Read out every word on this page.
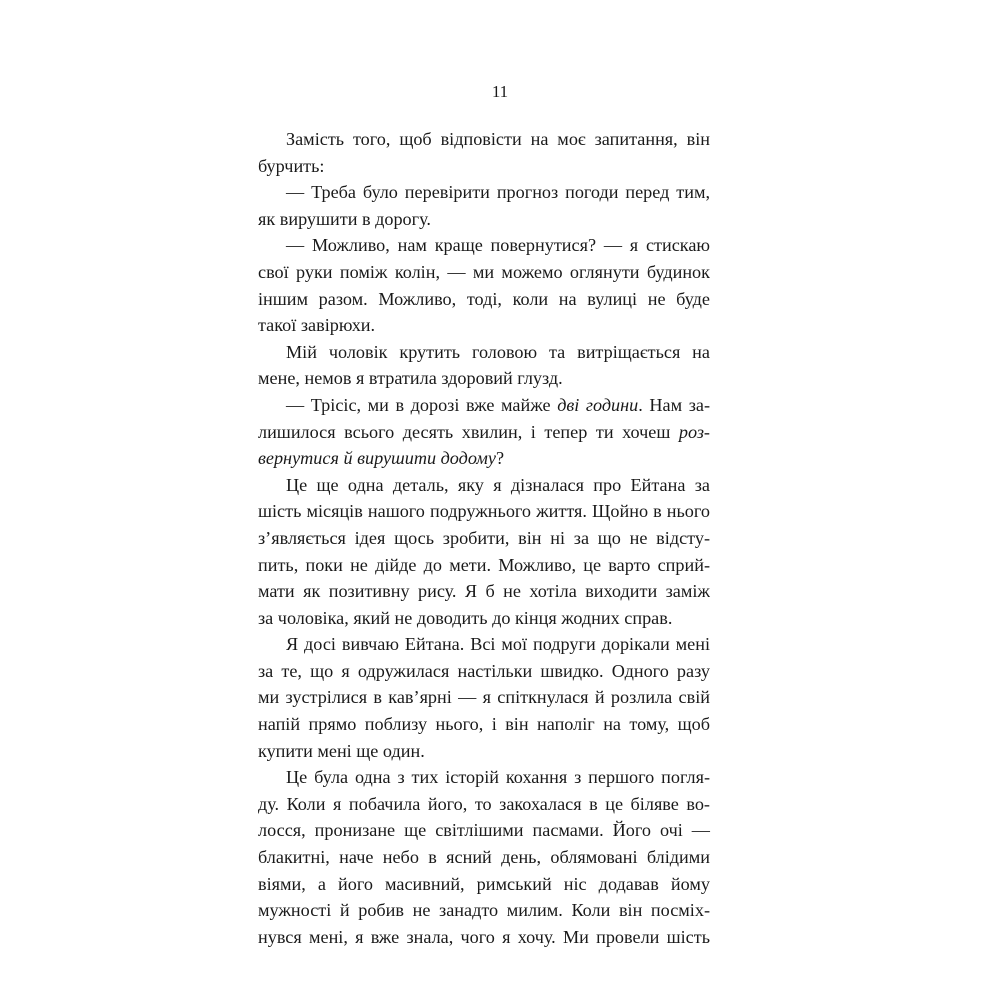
11

Замість того, щоб відповісти на моє запитання, він
бурчить:

— Треба було перевірити прогноз погоди перед тим,
як вирушити в дорогу.

— Можливо, нам краще повернутися? — я стискаю
свої руки поміж колін, — ми можемо оглянути будинок
іншим разом. Можливо, тоді, коли на вулиці не буде
такої завірюхи.

Мій чоловік крутить головою та витріщається на
мене, немов я втратила здоровий глузд.

— Трісіс, ми в дорозі вже майже дві години. Нам за-
лишилося всього десять хвилин, і тепер ти хочеш роз-
вернутися й вирушити додому?

Це ще одна деталь, яку я дізналася про Ейтана за
шість місяців нашого подружнього життя. Щойно в нього
з’являється ідея щось зробити, він ні за що не відсту-
пить, поки не дійде до мети. Можливо, це варто сприй-
мати як позитивну рису. Я б не хотіла виходити заміж
за чоловіка, який не доводить до кінця жодних справ.

Я досі вивчаю Ейтана. Всі мої подруги дорікали мені
за те, що я одружилася настільки швидко. Одного разу
ми зустрілися в кав’ярні — я спіткнулася й розлила свій
напій прямо поблизу нього, і він наполіг на тому, щоб
купити мені ще один.

Це була одна з тих історій кохання з першого погля-
ду. Коли я побачила його, то закохалася в це біляве во-
лосся, пронизане ще світлішими пасмами. Його очі —
блакитні, наче небо в ясний день, облямовані блідими
віями, а його масивний, римський ніс додавав йому
мужності й робив не занадто милим. Коли він посміх-
нувся мені, я вже знала, чого я хочу. Ми провели шість
